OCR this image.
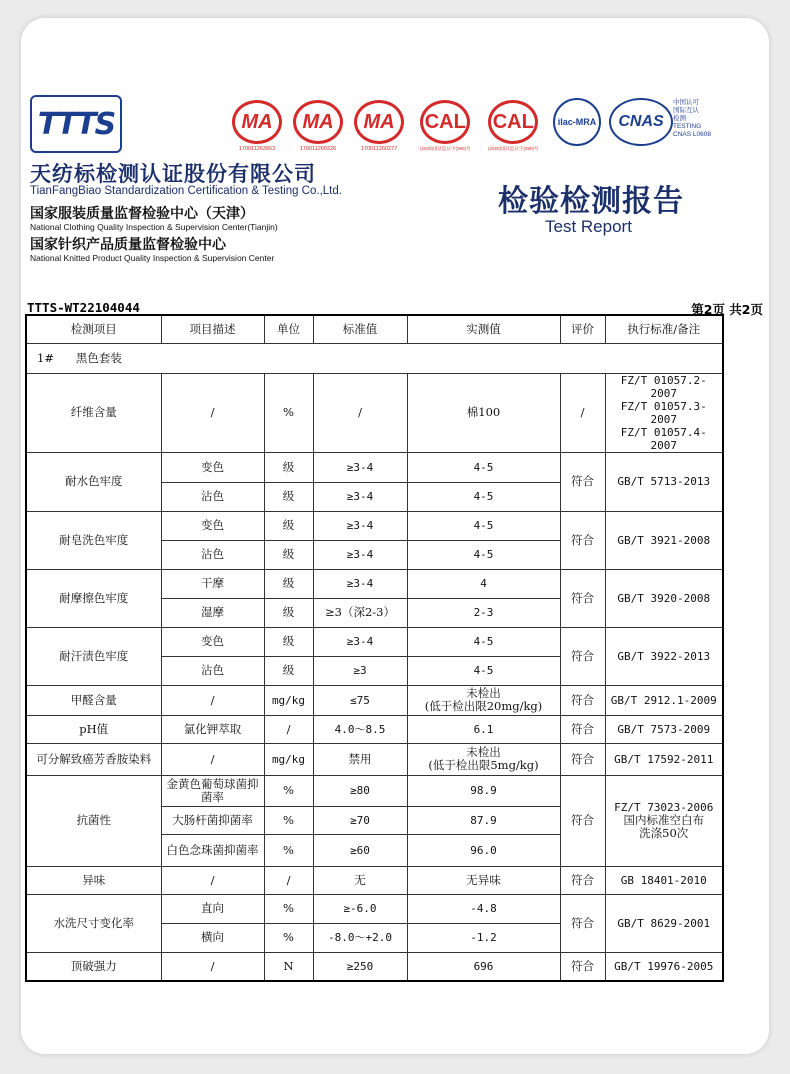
TTTS
天纺标检测认证股份有限公司
TianFangBiao Standardization Certification & Testing Co.,Ltd.
国家服装质量监督检验中心（天津）
National Clothing Quality Inspection & Supervision Center(Tianjin)
国家针织产品质量监督检验中心
National Knitted Product Quality Inspection & Supervision Center
MA
170011263663
MA
170011260226
MA
170011260277
CAL
(2020)国认监认字(390)号
CAL
(2020)国认监认字(390)号
ilac-MRA CNAS
中国认可
国际互认
检测
TESTING
CNAS L0608
检验检测报告
Test Report
TTTS-WT22104044	第2页 共2页
检测项目	项目描述	单位	标准值	实测值	评价	执行标准/备注
1# 黑色套装						
纤维含量	/	%	/	棉100	/	FZ/T 01057.2-2007
FZ/T 01057.3-2007
FZ/T 01057.4-2007

耐水色牢度	变色	级	≥3-4	4-5	符合	GB/T 5713-2013
	沾色	级	≥3-4	4-5		
耐皂洗色牢度	变色	级	≥3-4	4-5	符合	GB/T 3921-2008
	沾色	级	≥3-4	4-5		
耐摩擦色牢度	干摩	级	≥3-4	4	符合	GB/T 3920-2008
	湿摩	级	≥3（深2-3）	2-3		
耐汗渍色牢度	变色	级	≥3-4	4-5	符合	GB/T 3922-2013
	沾色	级	≥3	4-5		
甲醛含量	/	mg/kg	≤75	未检出
(低于检出限20mg/kg)	符合	GB/T 2912.1-2009
pH值	氯化钾萃取	/	4.0～8.5	6.1	符合	GB/T 7573-2009
可分解致癌芳香胺染料	/	mg/kg	禁用	未检出
(低于检出限5mg/kg)	符合	GB/T 17592-2011
抗菌性	金黄色葡萄球菌抑菌率	%	≥80	98.9	符合	FZ/T 73023-2006
国内标准空白布
洗涤50次

	大肠杆菌抑菌率	%	≥70	87.9		
	白色念珠菌抑菌率	%	≥60	96.0		
异味	/	/	无	无异味	符合	GB 18401-2010
水洗尺寸变化率	直向	%	≥-6.0	-4.8	符合	GB/T 8629-2001
	横向	%	-8.0～+2.0	-1.2		
顶破强力	/	N	≥250	696	符合	GB/T 19976-2005
